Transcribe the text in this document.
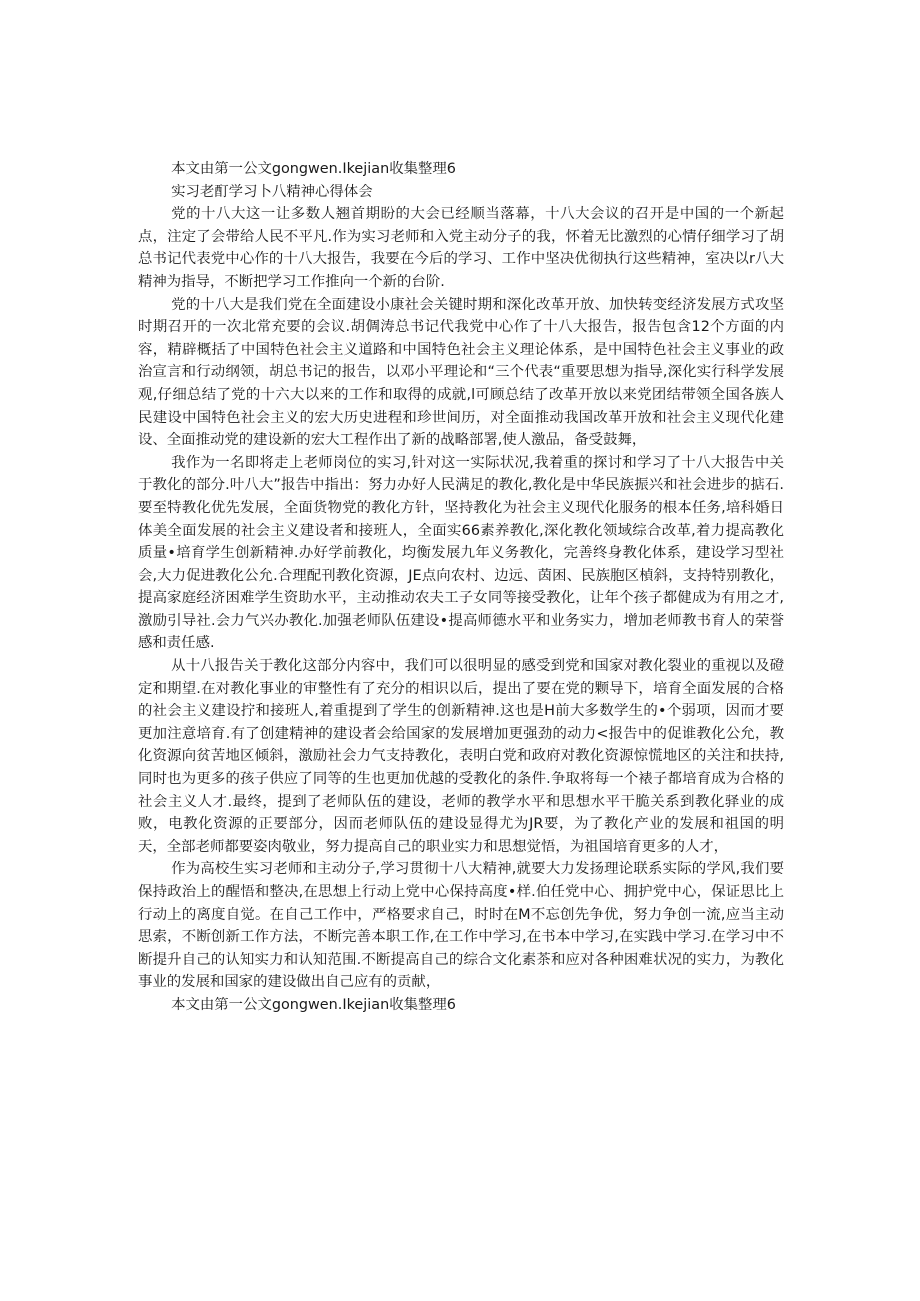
本文由第一公文gongwen.Ikejian收集整理6

实习老酊学习卜八精神心得体会

党的十八大这一让多数人翘首期盼的大会已经顺当落幕，十八大会议的召开是中国的一个新起点，注定了会带给人民不平凡.作为实习老师和入党主动分子的我，怀着无比激烈的心情仔细学习了胡总书记代表党中心作的十八大报告，我要在今后的学习、工作中坚决优彻执行这些精神，室决以r八大精神为指导，不断把学习工作推向一个新的台阶.

党的十八大是我们党在全面建设小康社会关键时期和深化改革开放、加快转变经济发展方式攻坚时期召开的一次北常充要的会议.胡倜涛总书记代我党中心作了十八大报告，报告包含12个方面的内容，精辟概括了中国特色社会主义道路和中国特色社会主义理论体系，是中国特色社会主义事业的政治宣言和行动纲领，胡总书记的报告，以邓小平理论和“三个代表“重要思想为指导,深化实行科学发展观,仔细总结了党的十六大以来的工作和取得的成就,l可顾总结了改革开放以来党团结带领全国各族人民建设中国特色社会主义的宏大历史进程和珍世间历，对全面推动我国改革开放和社会主义现代化建设、全面推动党的建设新的宏大工程作出了新的战略部署,使人激品，备受鼓舞，

我作为一名即将走上老师岗位的实习,针对这一实际状况,我着重的探讨和学习了十八大报告中关于教化的部分.叶八大”报告中指出：努力办好人民满足的教化,教化是中华民族振兴和社会进步的掂石.要至特教化优先发展，全面货物党的教化方针，坚持教化为社会主义现代化服务的根本任务,培科婚日体美全面发展的社会主义建设者和接班人，全面实66素养教化,深化教化领域综合改革,着力提高教化质量•培育学生创新精神.办好学前教化，均衡发展九年义务教化，完善终身教化体系，建设学习型社会,大力促进教化公允.合理配刊教化资源，JE点向农村、边远、茵困、民族胞区楨斜，支持特别教化，提高家庭经济困难学生资助水平，主动推动农夫工子女同等接受教化，让年个孩子都健成为有用之才,激励引导社.会力气兴办教化.加强老师队伍建设•提高师德水平和业务实力，增加老师教书育人的荣誉感和责任感.

从十八报告关于教化这部分内容中，我们可以很明显的感受到党和国家对教化裂业的重视以及磴定和期望.在对教化事业的审整性有了充分的相识以后，提出了要在党的颗导下，培育全面发展的合格的社会主义建设拧和接班人,着重提到了学生的创新精神.这也是H前大多数学生的•个弱项，因而才要更加注意培育.有了创建精神的建设者会给国家的发展增加更强劲的动力<报告中的促谁教化公允，教化资源向贫苦地区倾斜，激励社会力气支持教化，表明白党和政府对教化资源惊慌地区的关注和扶持,同时也为更多的孩子供应了同等的生也更加优越的受教化的条件.争取将每一个裱子都培育成为合格的社会主义人才.最终，提到了老师队伍的建设，老师的教学水平和思想水平干脆关系到教化驿业的成败，电教化资源的正要部分，因而老师队伍的建设显得尤为JR要，为了教化产业的发展和祖国的明天，全部老师都要姿肉敬业，努力提高自己的职业实力和思想觉悟，为祖国培育更多的人才，

作为高校生实习老师和主动分子,学习贯彻十八大精神,就要大力发扬理论联系实际的学风,我们要保持政治上的醒悟和整决,在思想上行动上党中心保持高度•样.伯任党中心、拥护党中心，保证思比上行动上的离度自觉。在自己工作中，严格要求自己，时时在M不忘创先争优，努力争创一流,应当主动思索，不断创新工作方法，不断完善本职工作,在工作中学习,在书本中学习,在实践中学习.在学习中不断提升自己的认知实力和认知范围.不断提高自己的综合文化素茶和应对各种困难状况的实力，为教化事业的发展和国家的建设做出自己应有的贡献，

本文由第一公文gongwen.Ikejian收集整理6
